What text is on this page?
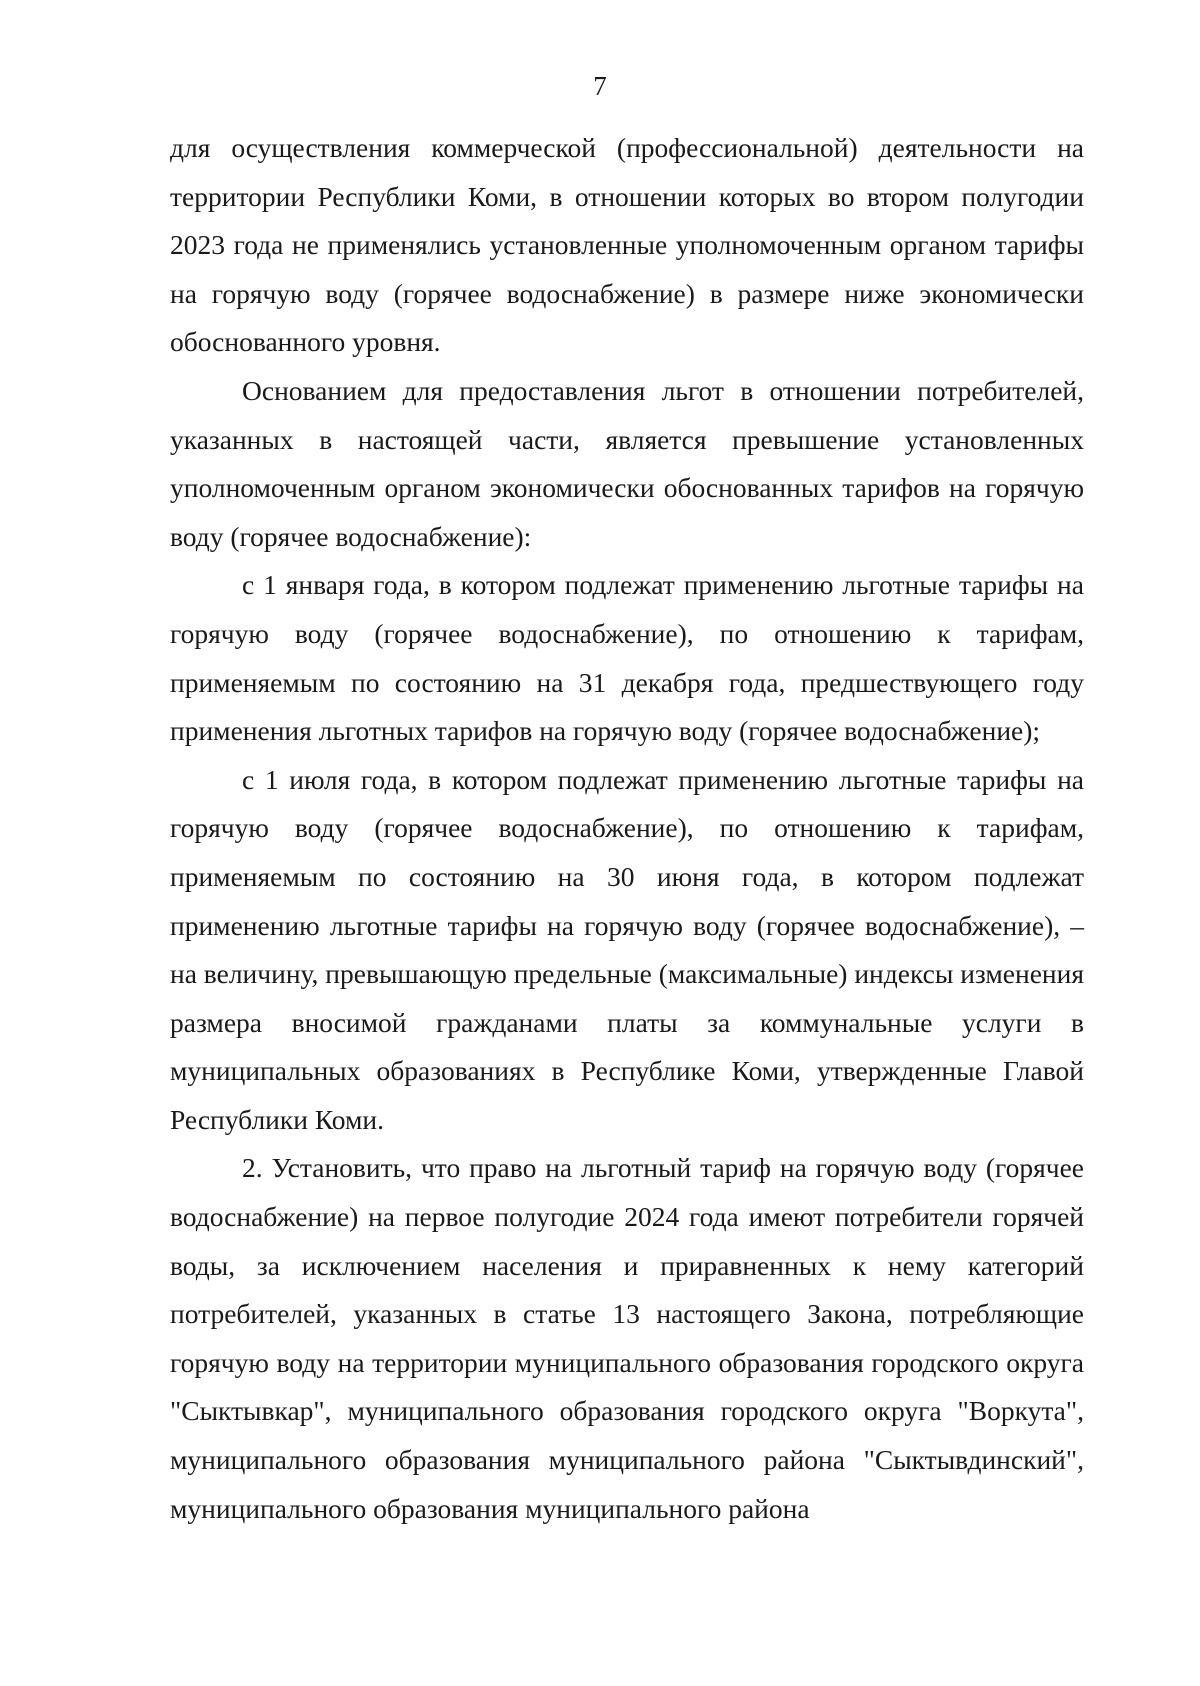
7

для осуществления коммерческой (профессиональной) деятельности на территории Республики Коми, в отношении которых во втором полугодии 2023 года не применялись установленные уполномоченным органом тарифы на горячую воду (горячее водоснабжение) в размере ниже экономически обоснованного уровня.

Основанием для предоставления льгот в отношении потребителей, указанных в настоящей части, является превышение установленных уполномоченным органом экономически обоснованных тарифов на горячую воду (горячее водоснабжение):

с 1 января года, в котором подлежат применению льготные тарифы на горячую воду (горячее водоснабжение), по отношению к тарифам, применяемым по состоянию на 31 декабря года, предшествующего году применения льготных тарифов на горячую воду (горячее водоснабжение);

с 1 июля года, в котором подлежат применению льготные тарифы на горячую воду (горячее водоснабжение), по отношению к тарифам, применяемым по состоянию на 30 июня года, в котором подлежат применению льготные тарифы на горячую воду (горячее водоснабжение), – на величину, превышающую предельные (максимальные) индексы изменения размера вносимой гражданами платы за коммунальные услуги в муниципальных образованиях в Республике Коми, утвержденные Главой Республики Коми.

2. Установить, что право на льготный тариф на горячую воду (горячее водоснабжение) на первое полугодие 2024 года имеют потребители горячей воды, за исключением населения и приравненных к нему категорий потребителей, указанных в статье 13 настоящего Закона, потребляющие горячую воду на территории муниципального образования городского округа "Сыктывкар", муниципального образования городского округа "Воркута", муниципального образования муниципального района "Сыктывдинский", муниципального образования муниципального района
